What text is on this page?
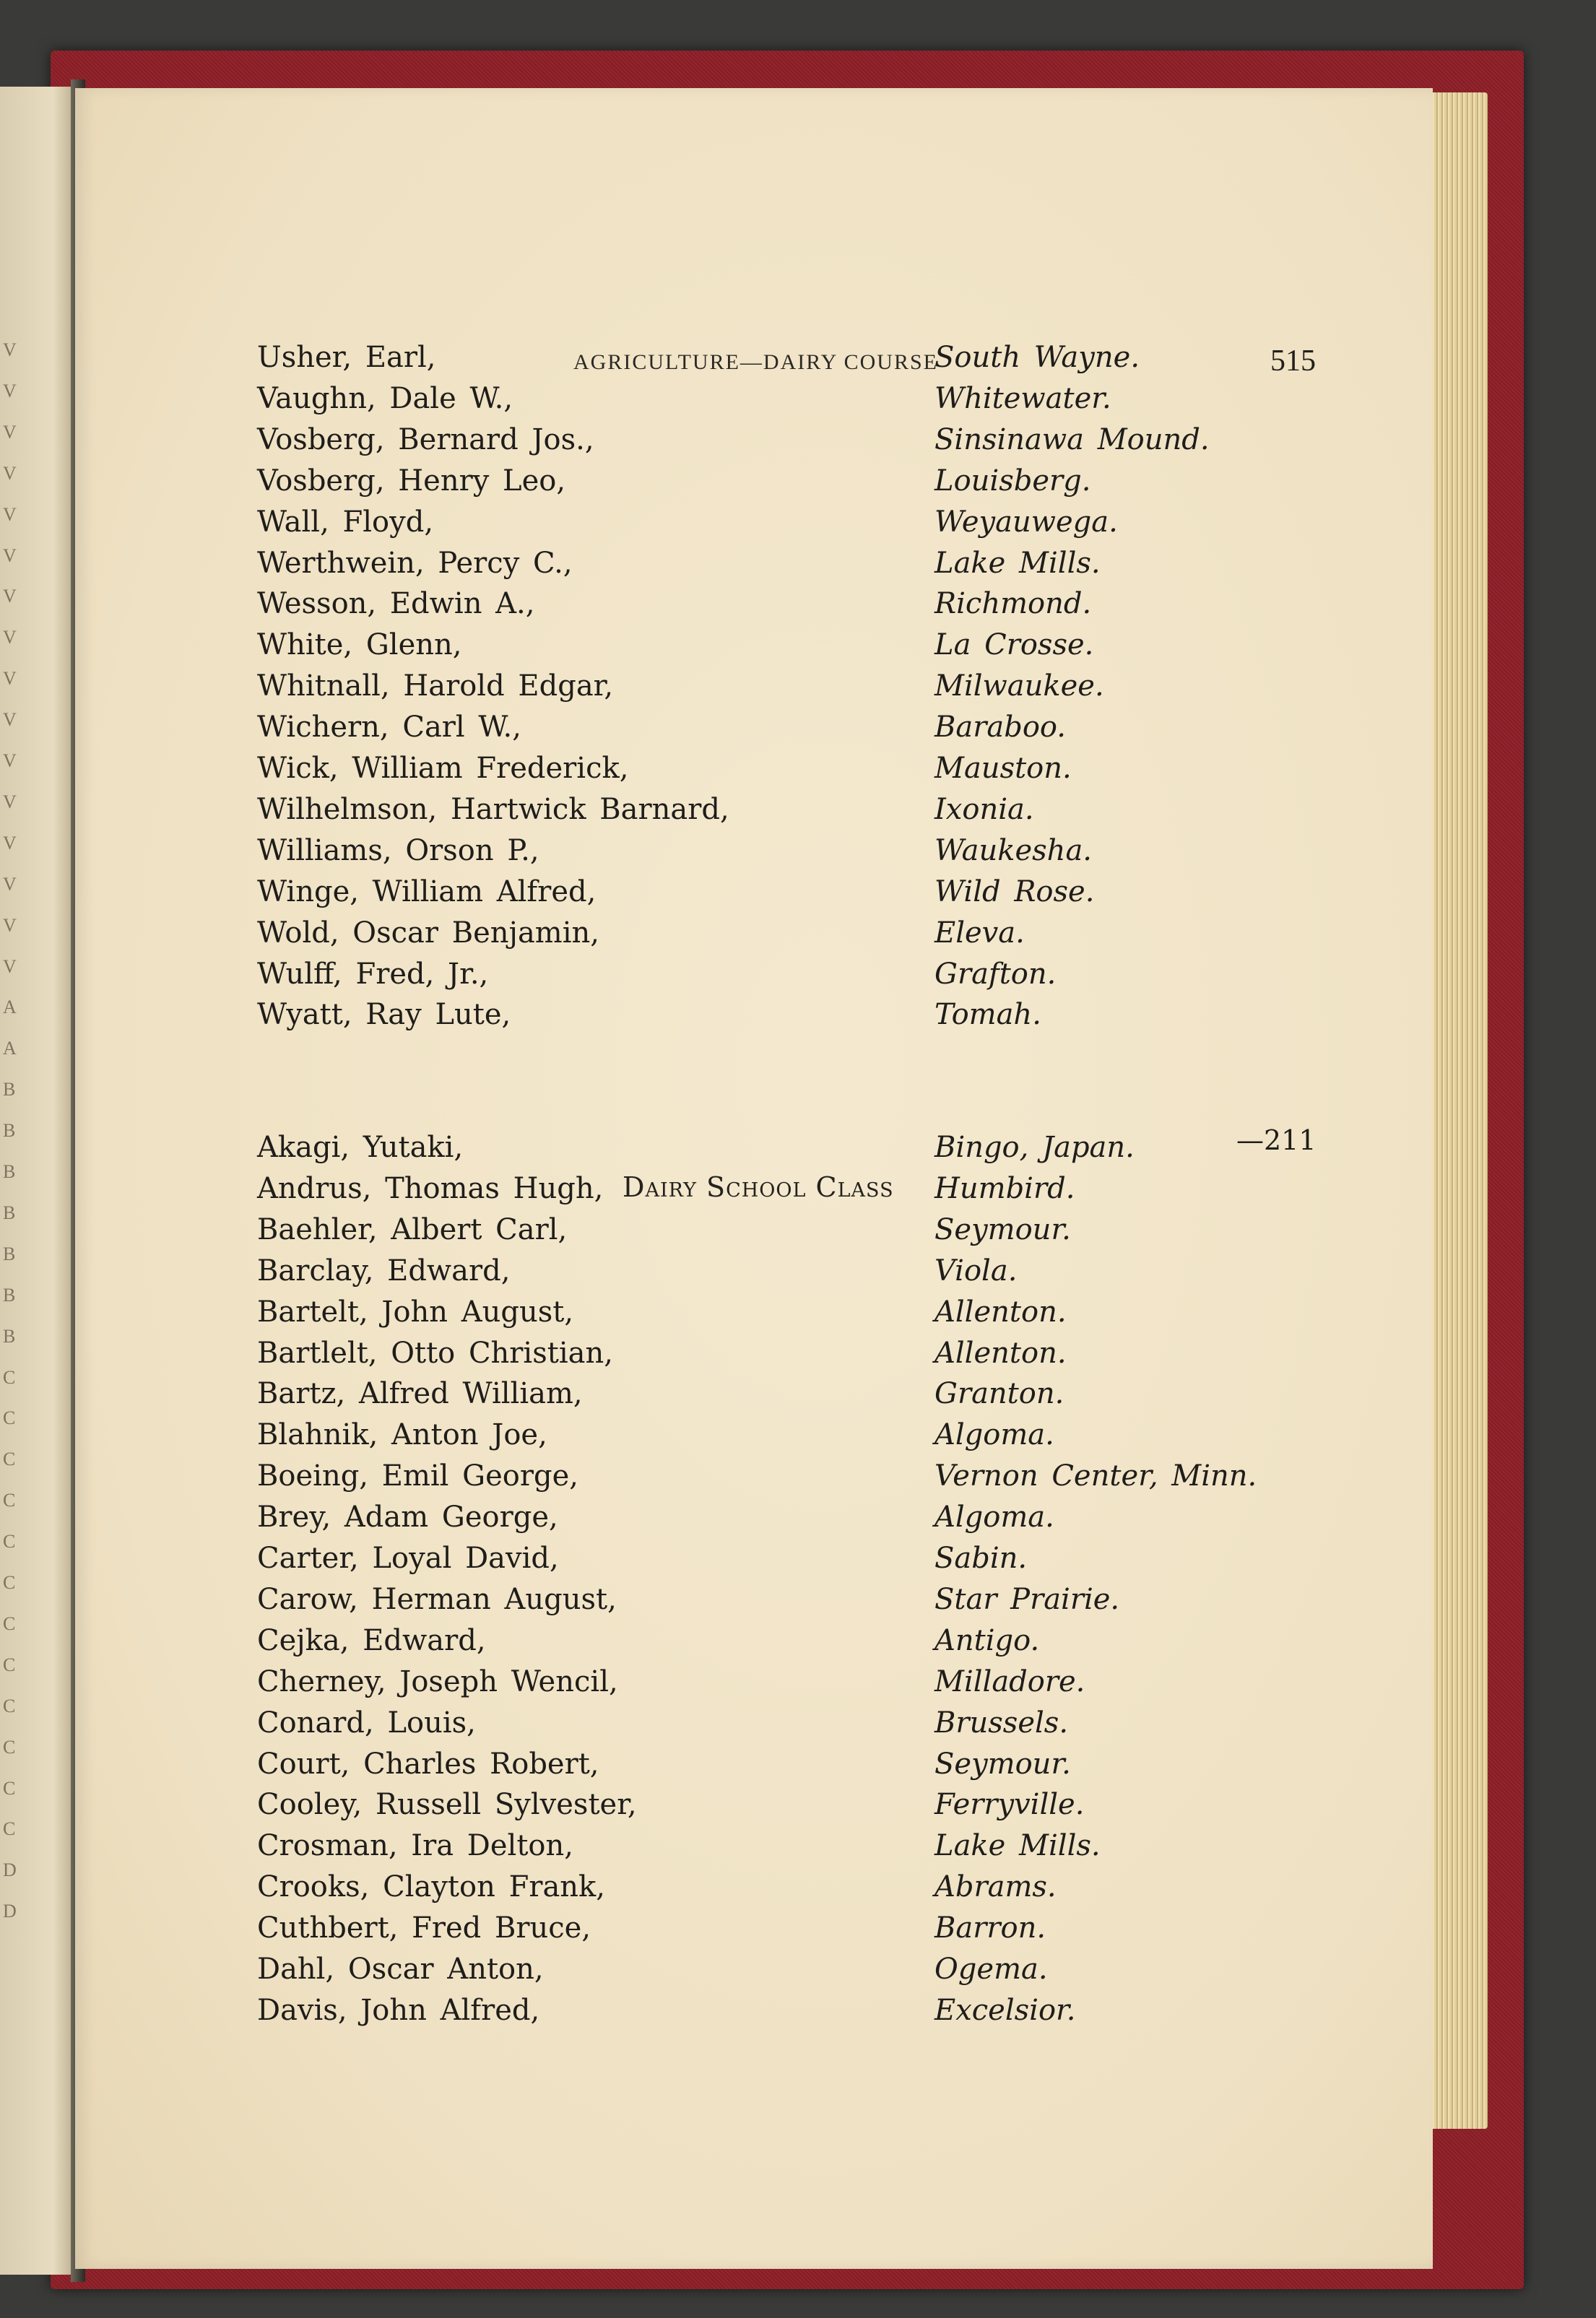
V
V
V
V
V
V
V
V
V
V
V
V
V
V
V
V
A
A
B
B
B
B
B
B
B
C
C
C
C
C
C
C
C
C
C
C
C
D
D
AGRICULTURE—DAIRY COURSE	515
Usher, Earl,	South Wayne.
Vaughn, Dale W.,	Whitewater.
Vosberg, Bernard Jos.,	Sinsinawa Mound.
Vosberg, Henry Leo,	Louisberg.
Wall, Floyd,	Weyauwega.
Werthwein, Percy C.,	Lake Mills.
Wesson, Edwin A.,	Richmond.
White, Glenn,	La Crosse.
Whitnall, Harold Edgar,	Milwaukee.
Wichern, Carl W.,	Baraboo.
Wick, William Frederick,	Mauston.
Wilhelmson, Hartwick Barnard,	Ixonia.
Williams, Orson P.,	Waukesha.
Winge, William Alfred,	Wild Rose.
Wold, Oscar Benjamin,	Eleva.
Wulff, Fred, Jr.,	Grafton.
Wyatt, Ray Lute,	Tomah.
—211
Dairy School Class
Akagi, Yutaki,	Bingo, Japan.
Andrus, Thomas Hugh,	Humbird.
Baehler, Albert Carl,	Seymour.
Barclay, Edward,	Viola.
Bartelt, John August,	Allenton.
Bartlelt, Otto Christian,	Allenton.
Bartz, Alfred William,	Granton.
Blahnik, Anton Joe,	Algoma.
Boeing, Emil George,	Vernon Center, Minn.
Brey, Adam George,	Algoma.
Carter, Loyal David,	Sabin.
Carow, Herman August,	Star Prairie.
Cejka, Edward,	Antigo.
Cherney, Joseph Wencil,	Milladore.
Conard, Louis,	Brussels.
Court, Charles Robert,	Seymour.
Cooley, Russell Sylvester,	Ferryville.
Crosman, Ira Delton,	Lake Mills.
Crooks, Clayton Frank,	Abrams.
Cuthbert, Fred Bruce,	Barron.
Dahl, Oscar Anton,	Ogema.
Davis, John Alfred,	Excelsior.
